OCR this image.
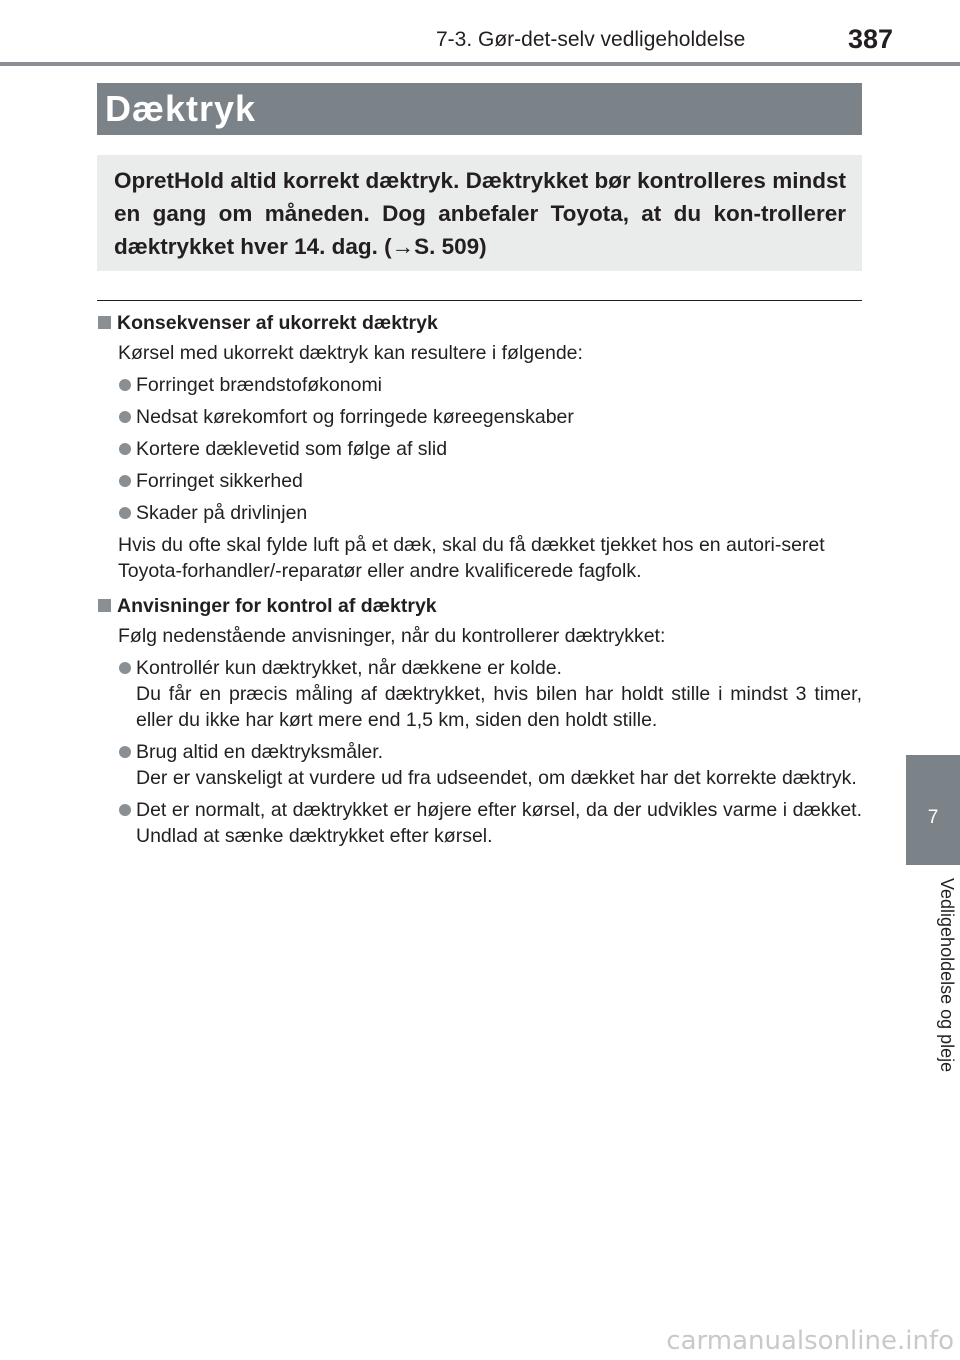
7-3. Gør-det-selv vedligeholdelse	387
Dæktryk

OpretHold altid korrekt dæktryk. Dæktrykket bør kontrolleres mindst en gang om måneden. Dog anbefaler Toyota, at du kon-trollerer dæktrykket hver 14. dag. (→S. 509)

Konsekvenser af ukorrekt dæktryk

Kørsel med ukorrekt dæktryk kan resultere i følgende:

Forringet brændstoføkonomi
Nedsat kørekomfort og forringede køreegenskaber
Kortere dæklevetid som følge af slid
Forringet sikkerhed
Skader på drivlinjen

Hvis du ofte skal fylde luft på et dæk, skal du få dækket tjekket hos en autori-seret Toyota-forhandler/-reparatør eller andre kvalificerede fagfolk.

Anvisninger for kontrol af dæktryk

Følg nedenstående anvisninger, når du kontrollerer dæktrykket:

Kontrollér kun dæktrykket, når dækkene er kolde.
Du får en præcis måling af dæktrykket, hvis bilen har holdt stille i mindst 3 timer, eller du ikke har kørt mere end 1,5 km, siden den holdt stille.
Brug altid en dæktryksmåler.
Der er vanskeligt at vurdere ud fra udseendet, om dækket har det korrekte dæktryk.
Det er normalt, at dæktrykket er højere efter kørsel, da der udvikles varme i dækket. Undlad at sænke dæktrykket efter kørsel.
7
Vedligeholdelse og pleje
carmanualsonline.info
